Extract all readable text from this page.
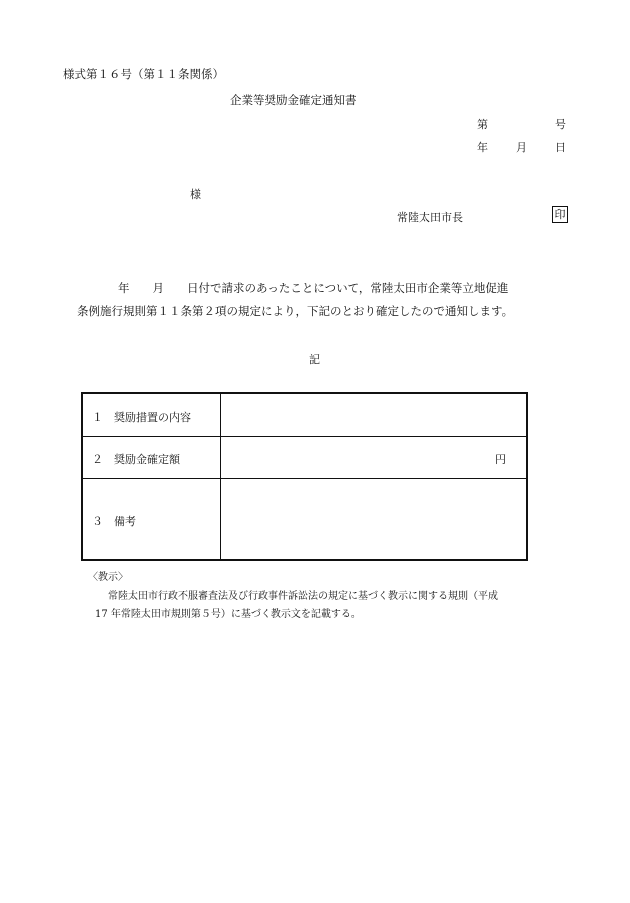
様式第１６号（第１１条関係）
企業等奨励金確定通知書
第	号
年	月	日
様
常陸太田市長	印
年　　月　　日付で請求のあったことについて，常陸太田市企業等立地促進
条例施行規則第１１条第２項の規定により，下記のとおり確定したので通知します。
記
１　奨励措置の内容
２　奨励金確定額	円
３　備考
〈教示〉
常陸太田市行政不服審査法及び行政事件訴訟法の規定に基づく教示に関する規則（平成
17 年常陸太田市規則第５号）に基づく教示文を記載する。
